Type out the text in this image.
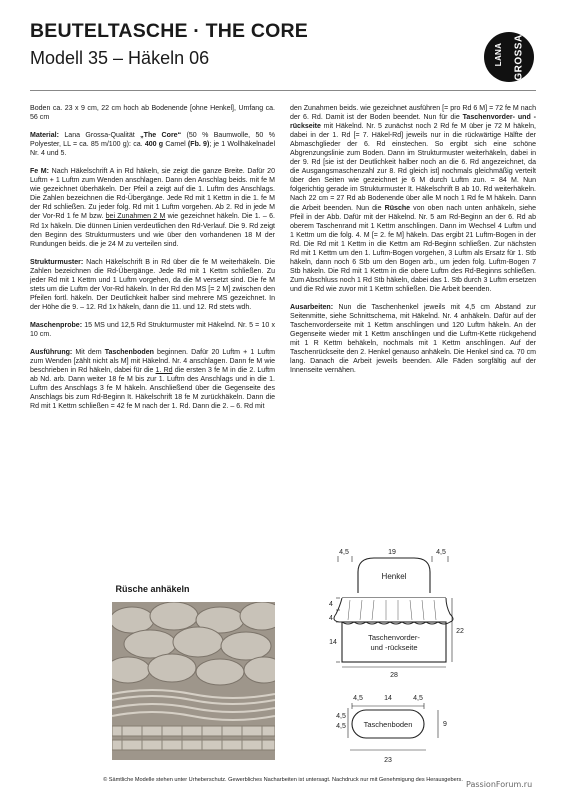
BEUTELTASCHE · THE CORE
Modell 35 – Häkeln 06	LANA GROSSA

Boden ca. 23 x 9 cm, 22 cm hoch ab Bodenende [ohne Henkel], Umfang ca. 56 cm

Material: Lana Grossa-Qualität „The Core“ (50 % Baumwolle, 50 % Polyester, LL = ca. 85 m/100 g): ca. 400 g Camel (Fb. 9); je 1 Wollhäkelnadel Nr. 4 und 5.

Fe M: Nach Häkelschrift A in Rd häkeln, sie zeigt die ganze Breite. Dafür 20 Luftm + 1 Luftm zum Wenden anschlagen. Dann den Anschlag beids. mit fe M wie gezeichnet überhäkeln. Der Pfeil a zeigt auf die 1. Luftm des Anschlags. Die Zahlen bezeichnen die Rd-Übergänge. Jede Rd mit 1 Kettm in die 1. fe M der Rd schließen. Zu jeder folg. Rd mit 1 Luftm vorgehen. Ab 2. Rd in jede M der Vor-Rd 1 fe M bzw. bei Zunahmen 2 M wie gezeichnet häkeln. Die 1. – 6. Rd 1x häkeln. Die dünnen Linien verdeutlichen den Rd-Verlauf. Die 9. Rd zeigt den Beginn des Strukturmusters und wie über den vorhandenen 18 M der Rundungen beids. die je 24 M zu verteilen sind.

Strukturmuster: Nach Häkelschrift B in Rd über die fe M weiterhäkeln. Die Zahlen bezeichnen die Rd-Übergänge. Jede Rd mit 1 Kettm schließen. Zu jeder Rd mit 1 Kettm und 1 Luftm vorgehen, da die M versetzt sind. Die fe M stets um die Luftm der Vor-Rd häkeln. In der Rd den MS [= 2 M] zwischen den Pfeilen fortl. häkeln. Der Deutlichkeit halber sind mehrere MS gezeichnet. In der Höhe die 9. – 12. Rd 1x häkeln, dann die 11. und 12. Rd stets wdh.

Maschenprobe: 15 MS und 12,5 Rd Strukturmuster mit Häkelnd. Nr. 5 = 10 x 10 cm.

Ausführung: Mit dem Taschenboden beginnen. Dafür 20 Luftm + 1 Luftm zum Wenden [zählt nicht als M] mit Häkelnd. Nr. 4 anschlagen. Dann fe M wie beschrieben in Rd häkeln, dabei für die 1. Rd die ersten 3 fe M in die 2. Luftm ab Nd. arb. Dann weiter 18 fe M bis zur 1. Luftm des Anschlags und in die 1. Luftm des Anschlags 3 fe M häkeln. Anschließend über die Gegenseite des Anschlags bis zum Rd-Beginn It. Häkelschrift 18 fe M zurückhäkeln. Dann die Rd mit 1 Kettm schließen = 42 fe M nach der 1. Rd. Dann die 2. – 6. Rd mit

den Zunahmen beids. wie gezeichnet ausführen [= pro Rd 6 M] = 72 fe M nach der 6. Rd. Damit ist der Boden beendet. Nun für die Taschenvorder- und -rückseite mit Häkelnd. Nr. 5 zunächst noch 2 Rd fe M über je 72 M häkeln, dabei in der 1. Rd [= 7. Häkel-Rd] jeweils nur in die rückwärtige Hälfte der Abmaschglieder der 6. Rd einstechen. So ergibt sich eine schöne Abgrenzungslinie zum Boden. Dann im Strukturmuster weiterhäkeln, dabei in der 9. Rd [sie ist der Deutlichkeit halber noch an die 6. Rd angezeichnet, da die Ausgangsmaschenzahl zur 8. Rd gleich ist] nochmals gleichmäßig verteilt über den Seiten wie gezeichnet je 6 M durch Luftm zun. = 84 M. Nun folgerichtig gerade im Strukturmuster It. Häkelschrift B ab 10. Rd weiterhäkeln. Nach 22 cm = 27 Rd ab Bodenende über alle M noch 1 Rd fe M häkeln. Dann die Arbeit beenden. Nun die Rüsche von oben nach unten anhäkeln, siehe Pfeil in der Abb. Dafür mit der Häkelnd. Nr. 5 am Rd-Beginn an der 6. Rd ab oberem Taschenrand mit 1 Kettm anschlingen. Dann im Wechsel 4 Luftm und 1 Kettm um die folg. 4. M [= 2. fe M] häkeln. Das ergibt 21 Luftm-Bogen in der Rd. Die Rd mit 1 Kettm in die Kettm am Rd-Beginn schließen. Zur nächsten Rd mit 1 Kettm um den 1. Luftm-Bogen vorgehen, 3 Luftm als Ersatz für 1. Stb häkeln, dann noch 6 Stb um den Bogen arb., um jeden folg. Luftm-Bogen 7 Stb häkeln. Die Rd mit 1 Kettm in die obere Luftm des Rd-Beginns schließen. Zum Abschluss noch 1 Rd Stb häkeln, dabei das 1. Stb durch 3 Luftm ersetzen und die Rd wie zuvor mit 1 Kettm schließen. Die Arbeit beenden.

Ausarbeiten: Nun die Taschenhenkel jeweils mit 4,5 cm Abstand zur Seitenmitte, siehe Schnittschema, mit Häkelnd. Nr. 4 anhäkeln. Dafür auf der Taschenvorderseite mit 1 Kettm anschlingen und 120 Luftm häkeln. An der Gegenseite wieder mit 1 Kettm anschlingen und die Luftm-Kette rückgehend mit 1 R Kettm behäkeln, nochmals mit 1 Kettm anschlingen. Auf der Taschenrückseite den 2. Henkel genauso anhäkeln. Die Henkel sind ca. 70 cm lang. Danach die Arbeit jeweils beenden. Alle Fäden sorgfältig auf der Innenseite vernähen.

Rüsche anhäkeln
4,5	19	4,5
Henkel
4
4
14
22
Taschenvorder-
und -rückseite
28
4,5	14	4,5
4,5
4,5	9
23
Taschenboden
© Sämtliche Modelle stehen unter Urheberschutz. Gewerbliches Nacharbeiten ist untersagt. Nachdruck nur mit Genehmigung des Herausgebers. PassionForum.ru
